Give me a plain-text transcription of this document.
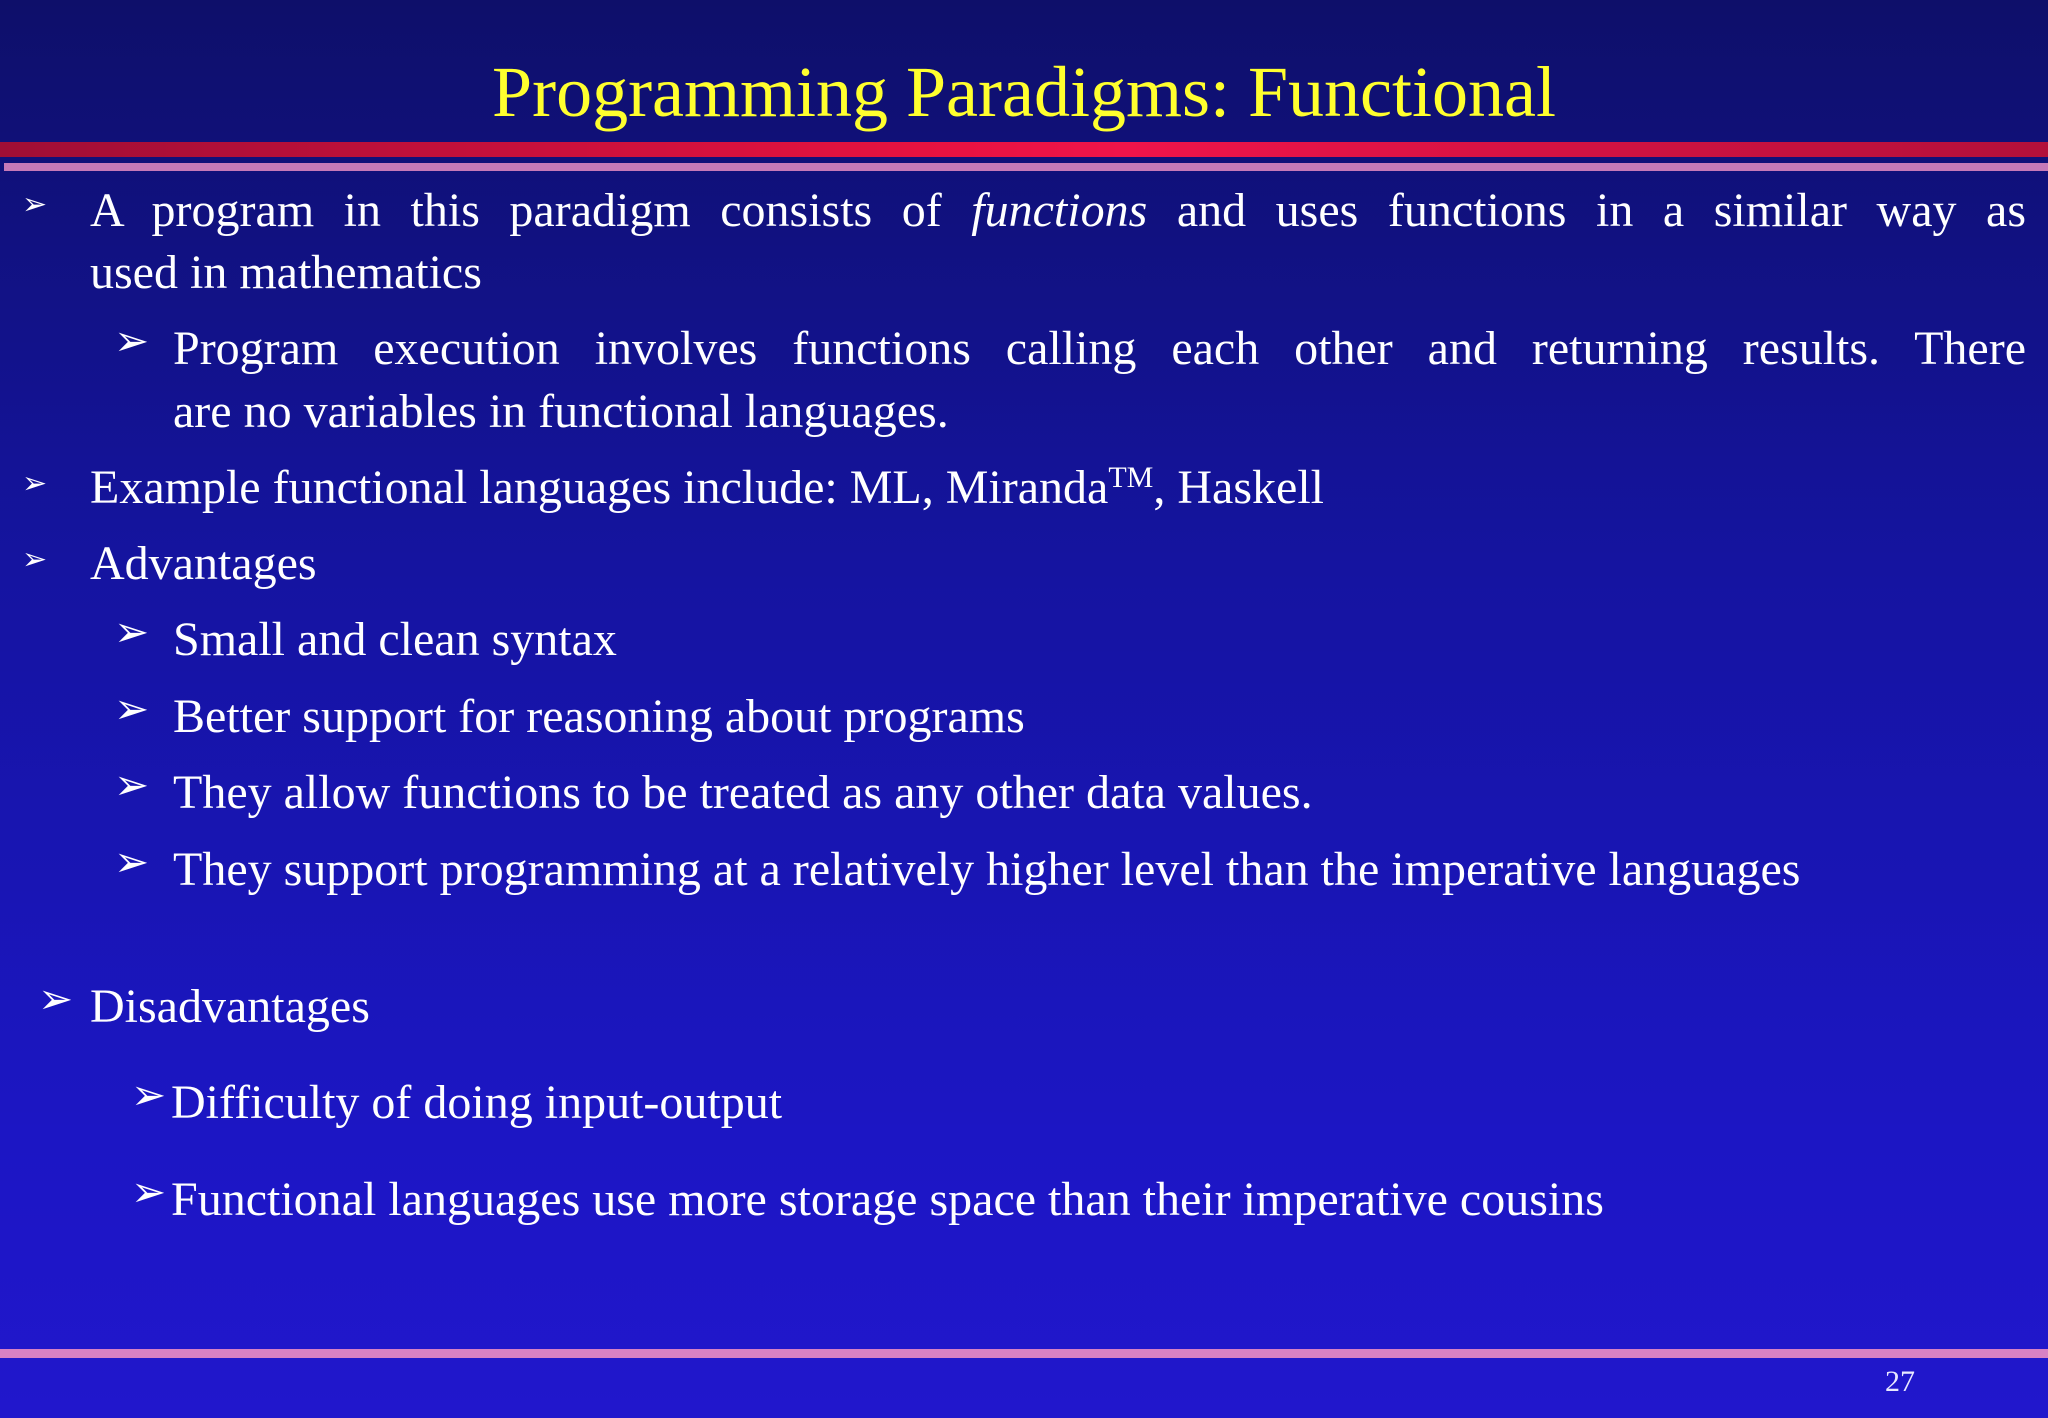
Programming Paradigms: Functional
➢ A program in this paradigm consists of functions and uses functions in a similar way as
used in mathematics
➢ Program execution involves functions calling each other and returning results. There
are no variables in functional languages.
➢ Example functional languages include: ML, Miranda™, Haskell
➢ Advantages
➢ Small and clean syntax
➢ Better support for reasoning about programs
➢ They allow functions to be treated as any other data values.
➢ They support programming at a relatively higher level than the imperative languages
➢ Disadvantages
➢ Difficulty of doing input-output
➢ Functional languages use more storage space than their imperative cousins
27
